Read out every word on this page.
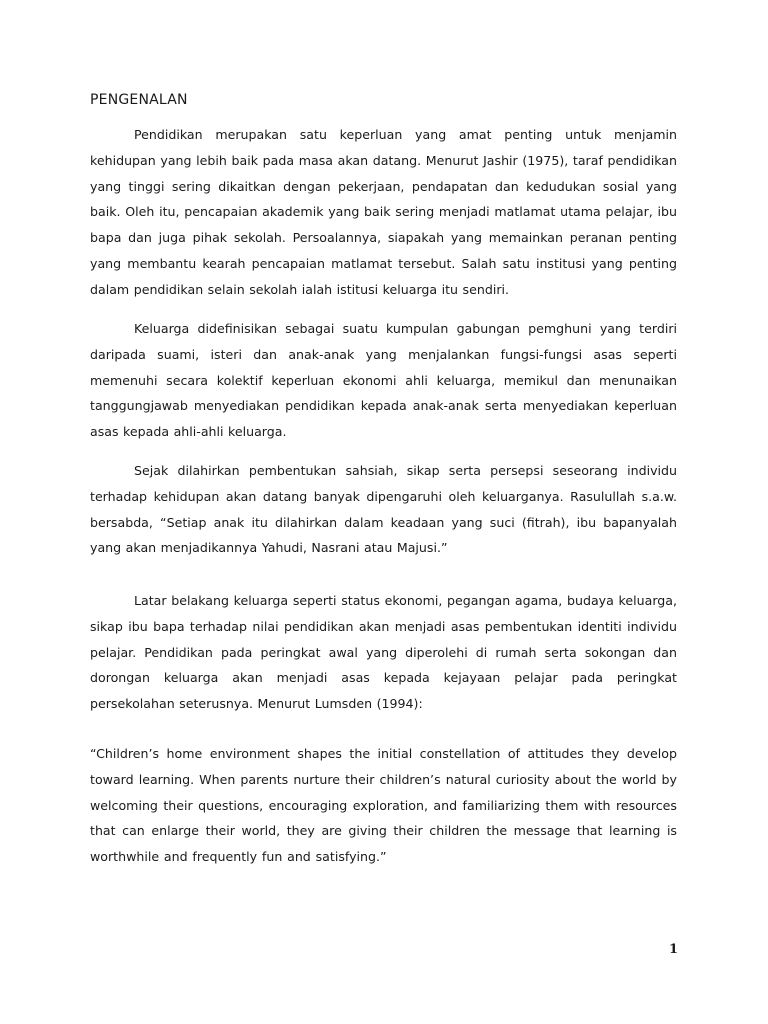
PENGENALAN

Pendidikan merupakan satu keperluan yang amat penting untuk menjamin kehidupan yang lebih baik pada masa akan datang. Menurut Jashir (1975), taraf pendidikan yang tinggi sering dikaitkan dengan pekerjaan, pendapatan dan kedudukan sosial yang baik. Oleh itu, pencapaian akademik yang baik sering menjadi matlamat utama pelajar, ibu bapa dan juga pihak sekolah. Persoalannya, siapakah yang memainkan peranan penting yang membantu kearah pencapaian matlamat tersebut. Salah satu institusi yang penting dalam pendidikan selain sekolah ialah istitusi keluarga itu sendiri.

Keluarga didefinisikan sebagai suatu kumpulan gabungan pemghuni yang terdiri daripada suami, isteri dan anak-anak yang menjalankan fungsi-fungsi asas seperti memenuhi secara kolektif keperluan ekonomi ahli keluarga, memikul dan menunaikan tanggungjawab menyediakan pendidikan kepada anak-anak serta menyediakan keperluan asas kepada ahli-ahli keluarga.

Sejak dilahirkan pembentukan sahsiah, sikap serta persepsi seseorang individu terhadap kehidupan akan datang banyak dipengaruhi oleh keluarganya. Rasulullah s.a.w. bersabda, “Setiap anak itu dilahirkan dalam keadaan yang suci (fitrah), ibu bapanyalah yang akan menjadikannya Yahudi, Nasrani atau Majusi.”

Latar belakang keluarga seperti status ekonomi, pegangan agama, budaya keluarga, sikap ibu bapa terhadap nilai pendidikan akan menjadi asas pembentukan identiti individu pelajar. Pendidikan pada peringkat awal yang diperolehi di rumah serta sokongan dan dorongan keluarga akan menjadi asas kepada kejayaan pelajar pada peringkat persekolahan seterusnya. Menurut Lumsden (1994):

“Children’s home environment shapes the initial constellation of attitudes they develop toward learning. When parents nurture their children’s natural curiosity about the world by welcoming their questions, encouraging exploration, and familiarizing them with resources that can enlarge their world, they are giving their children the message that learning is worthwhile and frequently fun and satisfying.”

1
